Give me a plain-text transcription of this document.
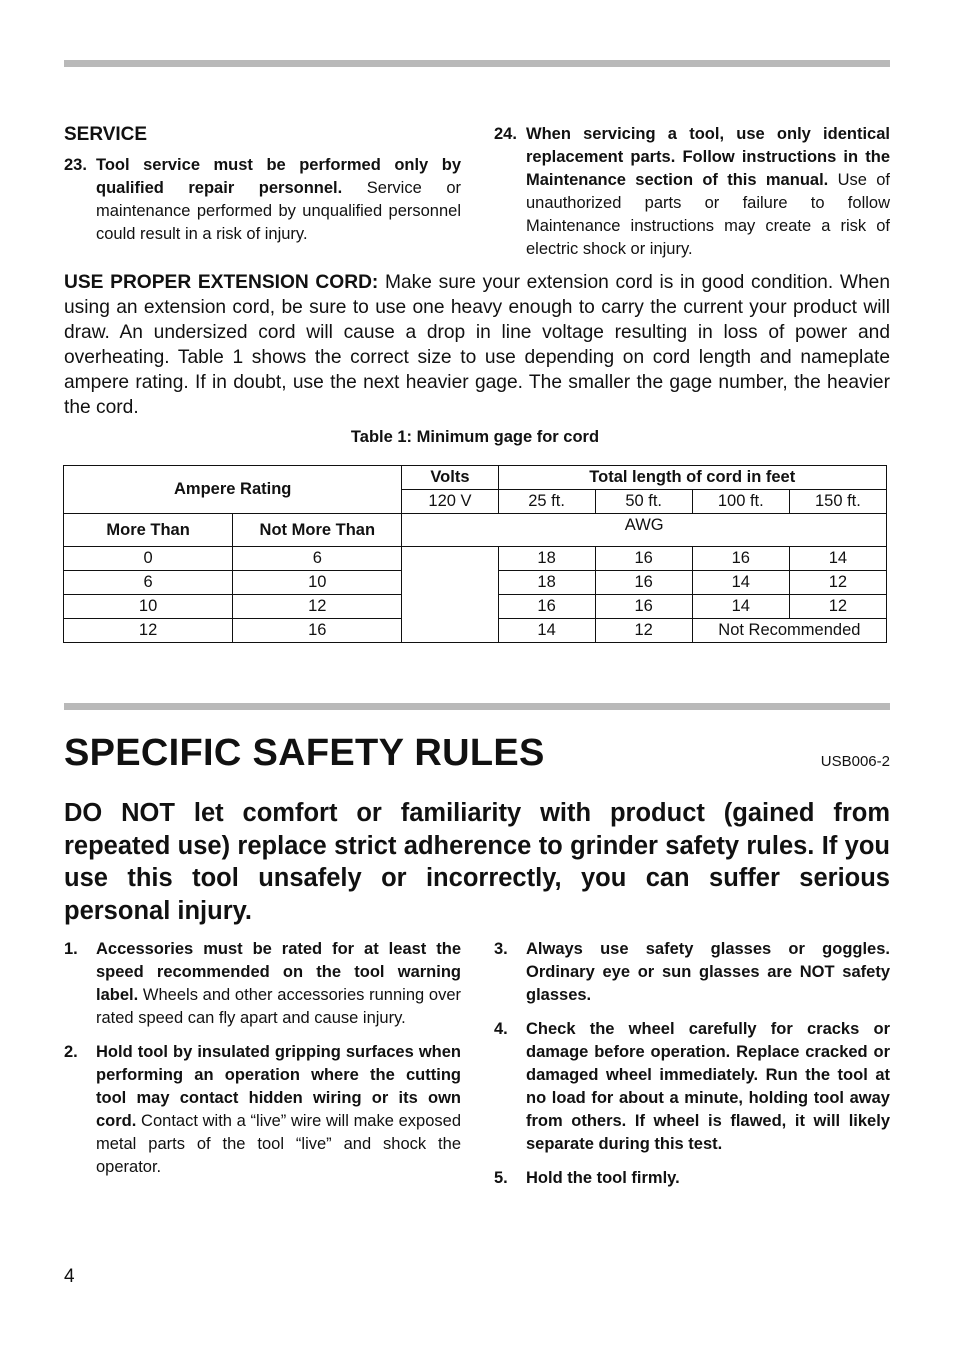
SERVICE
23. Tool service must be performed only by qualified repair personnel. Service or maintenance performed by unqualified personnel could result in a risk of injury.
24. When servicing a tool, use only identical replacement parts. Follow instructions in the Maintenance section of this manual. Use of unauthorized parts or failure to follow Maintenance instructions may create a risk of electric shock or injury.
USE PROPER EXTENSION CORD: Make sure your extension cord is in good condition. When using an extension cord, be sure to use one heavy enough to carry the current your product will draw. An undersized cord will cause a drop in line voltage resulting in loss of power and overheating. Table 1 shows the correct size to use depending on cord length and nameplate ampere rating. If in doubt, use the next heavier gage. The smaller the gage number, the heavier the cord.
Table 1: Minimum gage for cord
Ampere Rating		Volts	Total length of cord in feet			
		120 V	25 ft.	50 ft.	100 ft.	150 ft.
More Than	Not More Than	AWG				
0	6		18	16	16	14
6	10		18	16	14	12
10	12		16	16	14	12
12	16		14	12	Not Recommended	
SPECIFIC SAFETY RULES	USB006-2
DO NOT let comfort or familiarity with product (gained from repeated use) replace strict adherence to grinder safety rules. If you use this tool unsafely or incorrectly, you can suffer serious personal injury.
1. Accessories must be rated for at least the speed recommended on the tool warning label. Wheels and other accessories running over rated speed can fly apart and cause injury.
2. Hold tool by insulated gripping surfaces when performing an operation where the cutting tool may contact hidden wiring or its own cord. Contact with a “live” wire will make exposed metal parts of the tool “live” and shock the operator.
3. Always use safety glasses or goggles. Ordinary eye or sun glasses are NOT safety glasses.
4. Check the wheel carefully for cracks or damage before operation. Replace cracked or damaged wheel immediately. Run the tool at no load for about a minute, holding tool away from others. If wheel is flawed, it will likely separate during this test.
5. Hold the tool firmly.
4
